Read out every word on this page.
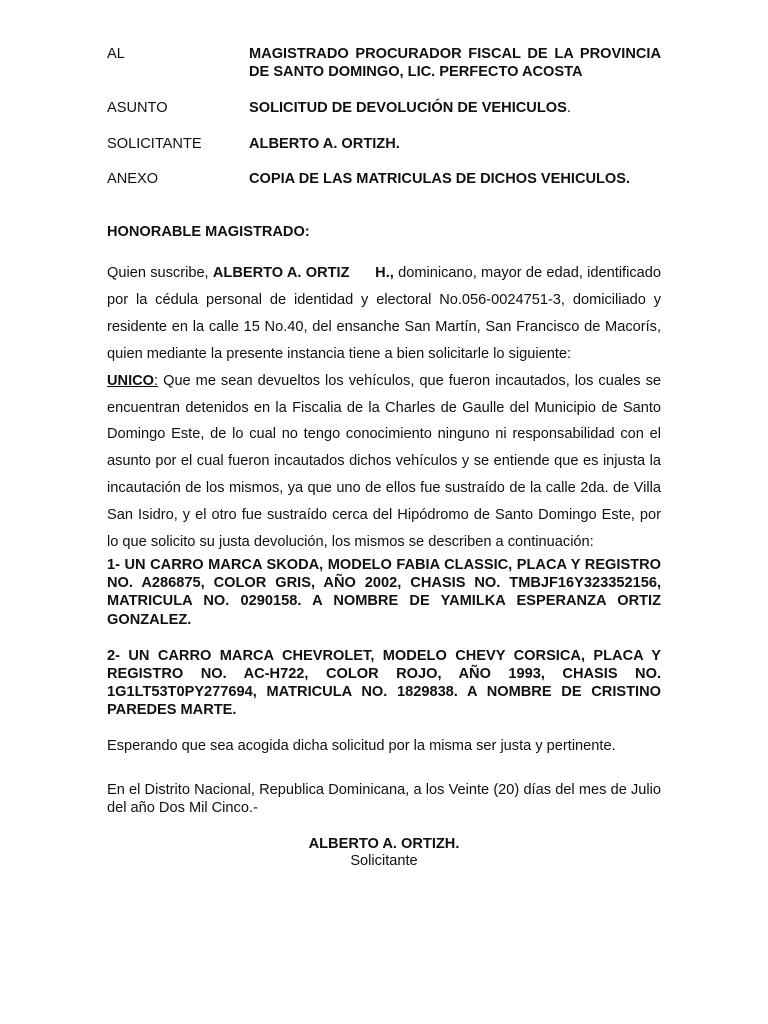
AL	MAGISTRADO PROCURADOR FISCAL DE LA PROVINCIA DE SANTO DOMINGO, LIC. PERFECTO ACOSTA
ASUNTO	SOLICITUD DE DEVOLUCIÓN DE VEHICULOS.
SOLICITANTE	ALBERTO A. ORTIZH.
ANEXO	COPIA DE LAS MATRICULAS DE DICHOS VEHICULOS.
HONORABLE MAGISTRADO:

Quien suscribe, ALBERTO A. ORTIZ H., dominicano, mayor de edad, identificado por la cédula personal de identidad y electoral No.056-0024751-3, domiciliado y residente en la calle 15 No.40, del ensanche San Martín, San Francisco de Macorís, quien mediante la presente instancia tiene a bien solicitarle lo siguiente:

UNICO: Que me sean devueltos los vehículos, que fueron incautados, los cuales se encuentran detenidos en la Fiscalia de la Charles de Gaulle del Municipio de Santo Domingo Este, de lo cual no tengo conocimiento ninguno ni responsabilidad con el asunto por el cual fueron incautados dichos vehículos y se entiende que es injusta la incautación de los mismos, ya que uno de ellos fue sustraído de la calle 2da. de Villa San Isidro, y el otro fue sustraído cerca del Hipódromo de Santo Domingo Este, por lo que solicito su justa devolución, los mismos se describen a continuación:

1- UN CARRO MARCA SKODA, MODELO FABIA CLASSIC, PLACA Y REGISTRO NO. A286875, COLOR GRIS, AÑO 2002, CHASIS NO. TMBJF16Y323352156, MATRICULA NO. 0290158. A NOMBRE DE YAMILKA ESPERANZA ORTIZ GONZALEZ.

2- UN CARRO MARCA CHEVROLET, MODELO CHEVY CORSICA, PLACA Y REGISTRO NO. AC-H722, COLOR ROJO, AÑO 1993, CHASIS NO. 1G1LT53T0PY277694, MATRICULA NO. 1829838. A NOMBRE DE CRISTINO PAREDES MARTE.

Esperando que sea acogida dicha solicitud por la misma ser justa y pertinente.
En el Distrito Nacional, Republica Dominicana, a los Veinte (20) días del mes de Julio del año Dos Mil Cinco.-
ALBERTO A. ORTIZH.
Solicitante
